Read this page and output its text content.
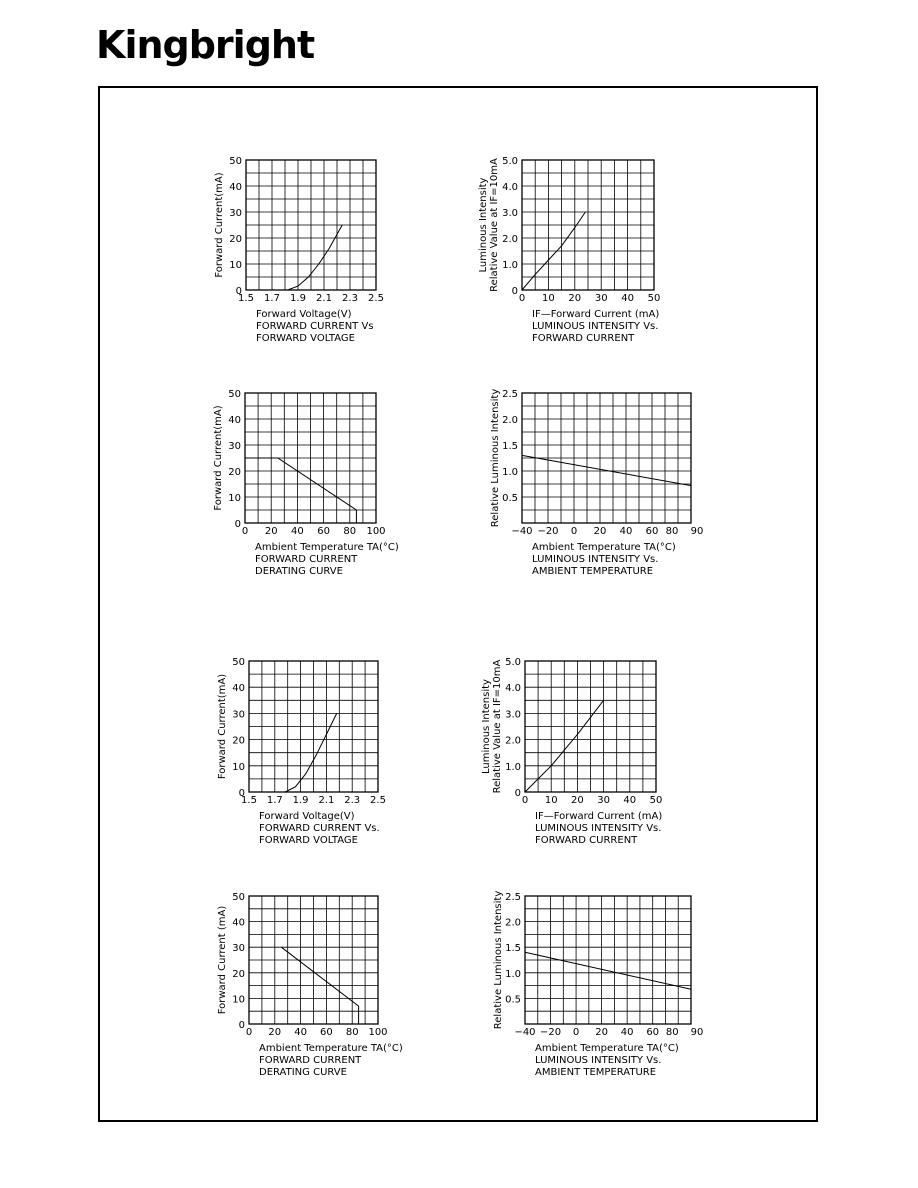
Kingbright
1.5 1.7 1.9 2.1 2.3 2.5
0
10
20
30
40
50
Forward Current(mA)
Forward Voltage(V)
FORWARD CURRENT Vs
FORWARD VOLTAGE
0 10 20 30 40 50
0
1.0
2.0
3.0
4.0
5.0
Luminous Intensity Relative Value at IF=10mA
IF—Forward Current (mA)
LUMINOUS INTENSITY Vs.
FORWARD CURRENT
0 20 40 60 80 100
0
10
20
30
40
50
Forward Current(mA)
Ambient Temperature TA(°C)
FORWARD CURRENT
DERATING CURVE
−40 −20 0 20 40 60 80 90
0.5
1.0
1.5
2.0
2.5
Relative Luminous Intensity
Ambient Temperature TA(°C)
LUMINOUS INTENSITY Vs.
AMBIENT TEMPERATURE
1.5 1.7 1.9 2.1 2.3 2.5
0
10
20
30
40
50
Forward Current(mA)
Forward Voltage(V)
FORWARD CURRENT Vs.
FORWARD VOLTAGE
0 10 20 30 40 50
0
1.0
2.0
3.0
4.0
5.0
Luminous Intensity Relative Value at IF=10mA
IF—Forward Current (mA)
LUMINOUS INTENSITY Vs.
FORWARD CURRENT
0 20 40 60 80 100
0
10
20
30
40
50
Forward Current (mA)
Ambient Temperature TA(°C)
FORWARD CURRENT
DERATING CURVE
−40 −20 0 20 40 60 80 90
0.5
1.0
1.5
2.0
2.5
Relative Luminous Intensity
Ambient Temperature TA(°C)
LUMINOUS INTENSITY Vs.
AMBIENT TEMPERATURE
